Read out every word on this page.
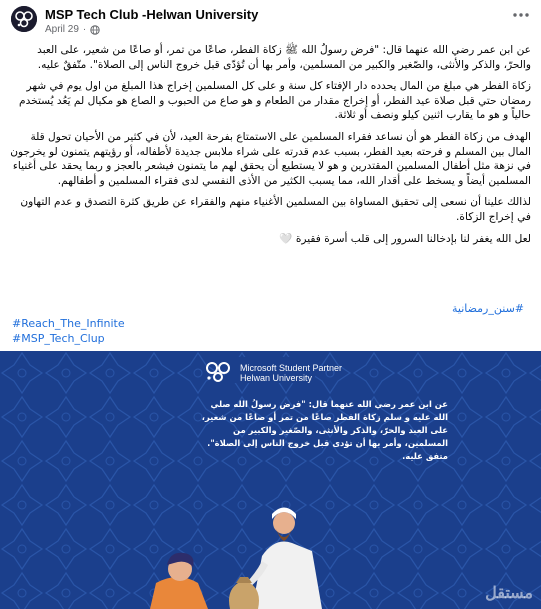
MSP Tech Club -Helwan University
April 29 ·

عن ابن عمر رضي الله عنهما قال: "فرض رسولُ الله ﷺ زكاة الفطر، صاعًا من تمر، أو صاعًا من شعير، على العبد والحرّ، والذكر والأنثى، والصّغير والكبير من المسلمين، وأمر بها أن تُؤدّى قبل خروج الناس إلى الصلاة". متّفقٌ عليه.

زكاة الفطر هي مبلغ من المال يحدده دار الإفتاء كل سنة و على كل المسلمين إخراج هذا المبلغ من اول يوم في شهر رمضان حتي قبل صلاة عيد الفطر، أو إخراج مقدار من الطعام و هو صاع من الحبوب و الصاع هو مكيال لم يَعُد يُستخدم حالياً و هو ما يقارب اثنين كيلو ونصف أو ثلاثة.

الهدف من زكاة الفطر هو أن نساعد فقراء المسلمين على الاستمتاع بفرحة العيد، لأن في كثير من الأحيان تحول قلة المال بين المسلم و فرحته بعيد الفطر، بسبب عدم قدرته على شراء ملابس جديدة لأطفاله، أو رؤيتهم يتمنون لو يخرجون في نزهة مثل أطفال المسلمين المقتدرين و هو لا يستطيع أن يحقق لهم ما يتمنون فيشعر بالعجز و ربما يحقد على أغنياء المسلمين أيضاً و يسخط على أقدار الله، مما يسبب الكثير من الأذى النفسي لدى فقراء المسلمين و أطفالهم.

لذالك علينا أن نسعى إلى تحقيق المساواة بين المسلمين الأغنياء منهم والفقراء عن طريق كثرة التصدق و عدم التهاون في إخراج الزكاة.

لعل الله يغفر لنا بإدخالنا السرور إلى قلب أسرة فقيرة 🤍

#سنن_رمضانية
#Reach_The_Infinite
#MSP_Tech_Clup
Microsoft Student Partner
Helwan University
عن ابن عمر رضي الله عنهما قال: "فرض رسولُ الله صلي الله عليه و سلم زكاة الفطر صاعًا من تمر أو صاعًا من شعير، على العبد والحرّ، والذكر والأنثى، والصّغير والكبير من المسلمين، وأمر بها أن تؤدى قبل خروج الناس إلى الصلاة". متفق عليه.
مستقل
